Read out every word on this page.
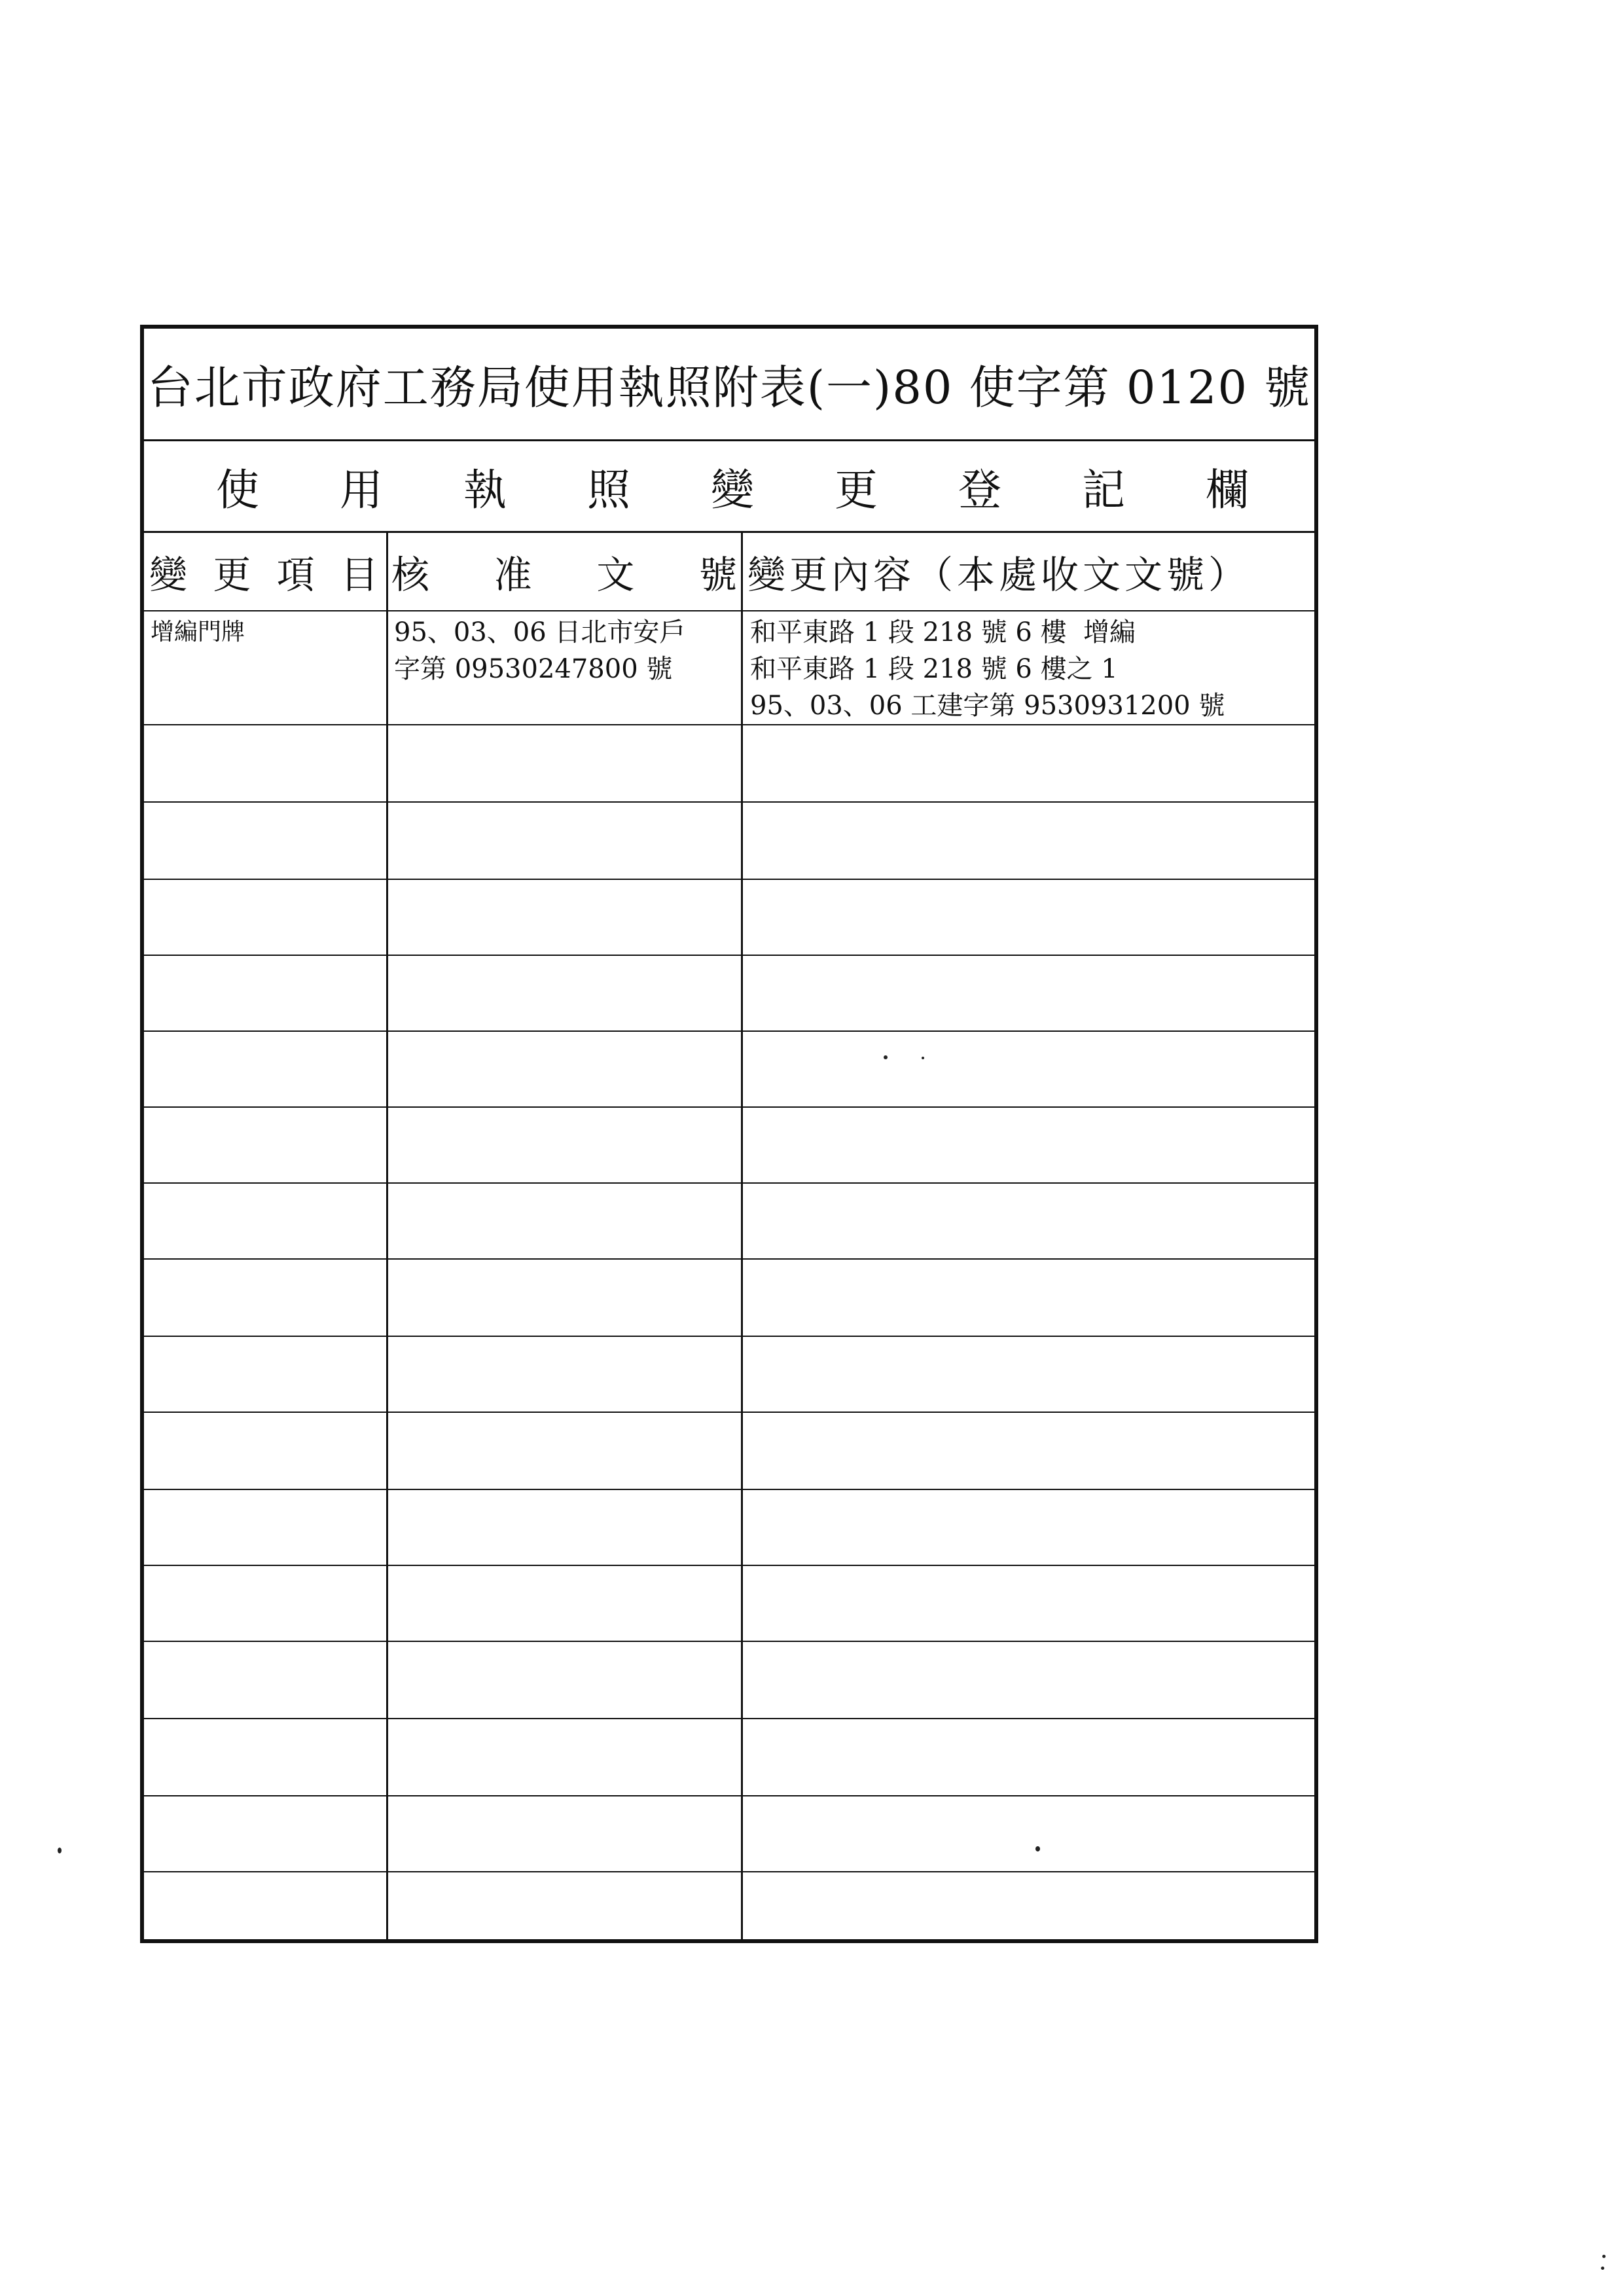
台北市政府工務局使用執照附表(一)80 使字第 0120 號
使 用 執 照 變 更 登 記 欄
變 更 項 目 核 准 文 號 變更內容（本處收文文號）
增編門牌	95、03、06 日北市安戶
字第 09530247800 號
和平東路 1 段 218 號 6 樓  增編
和平東路 1 段 218 號 6 樓之 1
95、03、06 工建字第 9530931200 號
